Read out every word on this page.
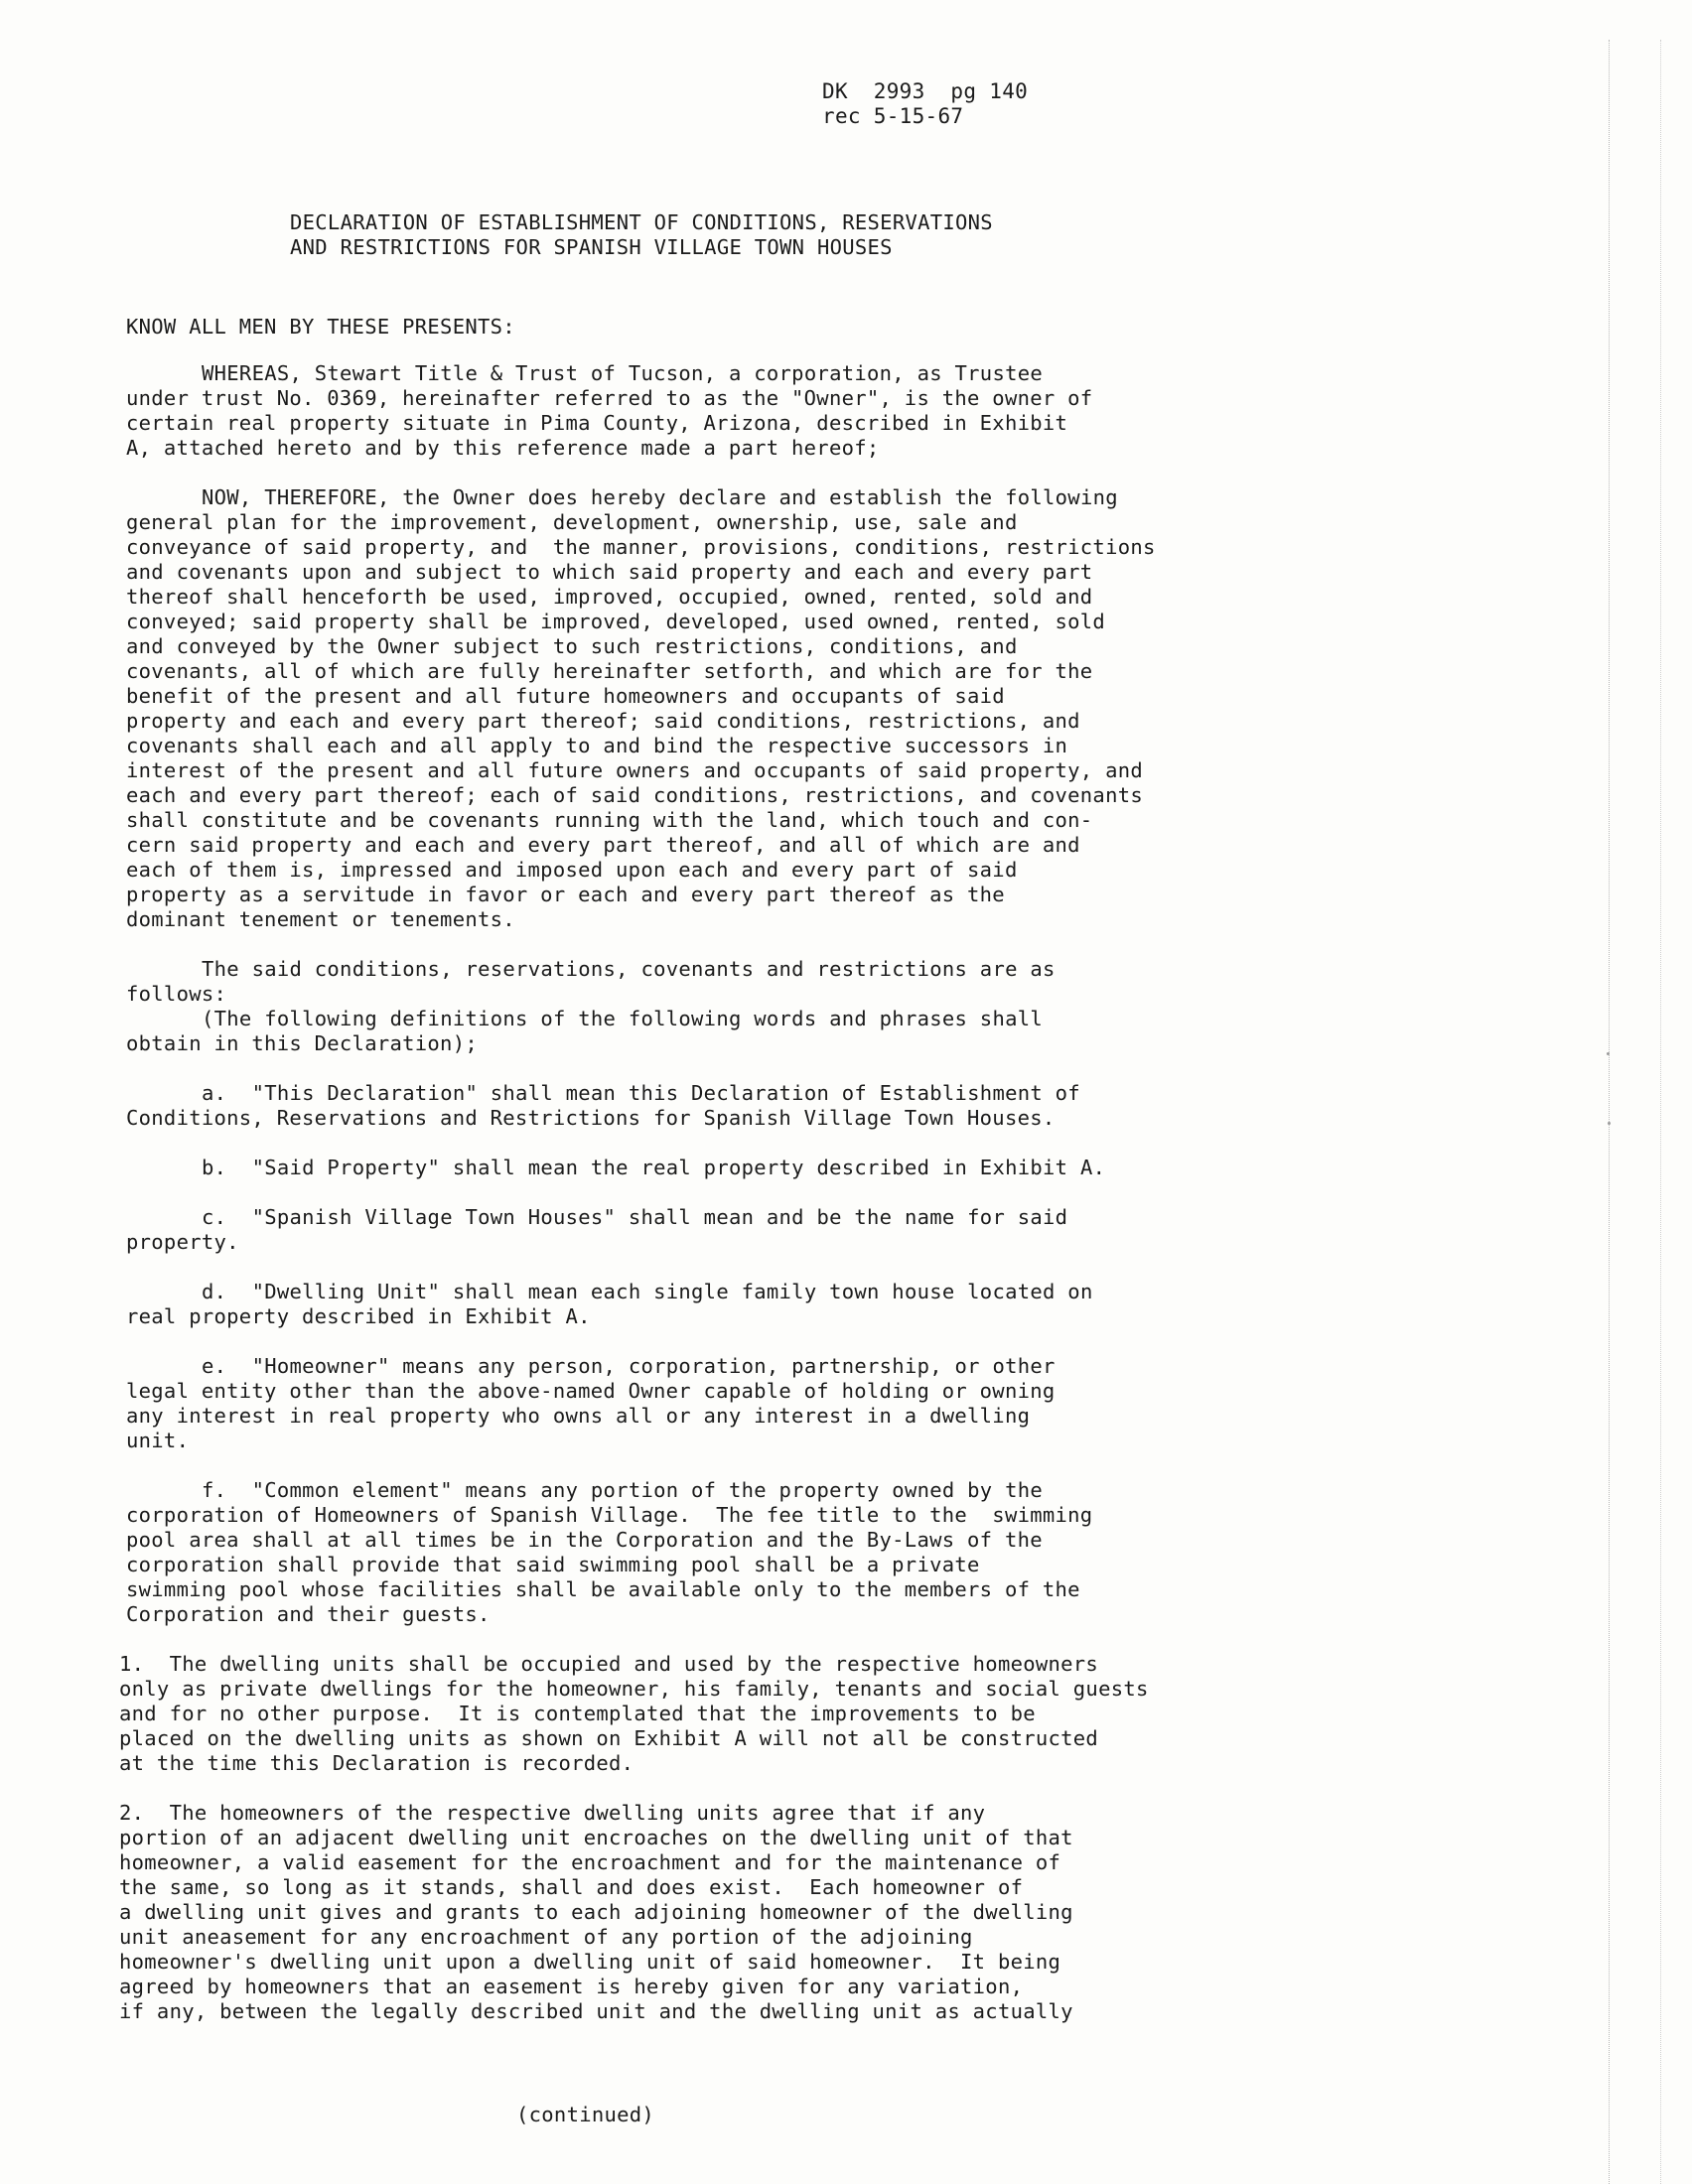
DK  2993  pg 140
rec 5-15-67
DECLARATION OF ESTABLISHMENT OF CONDITIONS, RESERVATIONS
AND RESTRICTIONS FOR SPANISH VILLAGE TOWN HOUSES
KNOW ALL MEN BY THESE PRESENTS:
WHEREAS, Stewart Title & Trust of Tucson, a corporation, as Trustee
under trust No. 0369, hereinafter referred to as the "Owner", is the owner of
certain real property situate in Pima County, Arizona, described in Exhibit
A, attached hereto and by this reference made a part hereof;
NOW, THEREFORE, the Owner does hereby declare and establish the following
general plan for the improvement, development, ownership, use, sale and
conveyance of said property, and  the manner, provisions, conditions, restrictions
and covenants upon and subject to which said property and each and every part
thereof shall henceforth be used, improved, occupied, owned, rented, sold and
conveyed; said property shall be improved, developed, used owned, rented, sold
and conveyed by the Owner subject to such restrictions, conditions, and
covenants, all of which are fully hereinafter setforth, and which are for the
benefit of the present and all future homeowners and occupants of said
property and each and every part thereof; said conditions, restrictions, and
covenants shall each and all apply to and bind the respective successors in
interest of the present and all future owners and occupants of said property, and
each and every part thereof; each of said conditions, restrictions, and covenants
shall constitute and be covenants running with the land, which touch and con-
cern said property and each and every part thereof, and all of which are and
each of them is, impressed and imposed upon each and every part of said
property as a servitude in favor or each and every part thereof as the
dominant tenement or tenements.
The said conditions, reservations, covenants and restrictions are as
follows:
(The following definitions of the following words and phrases shall
obtain in this Declaration);
a.  "This Declaration" shall mean this Declaration of Establishment of
Conditions, Reservations and Restrictions for Spanish Village Town Houses.
b.  "Said Property" shall mean the real property described in Exhibit A.
c.  "Spanish Village Town Houses" shall mean and be the name for said
property.
d.  "Dwelling Unit" shall mean each single family town house located on
real property described in Exhibit A.
e.  "Homeowner" means any person, corporation, partnership, or other
legal entity other than the above-named Owner capable of holding or owning
any interest in real property who owns all or any interest in a dwelling
unit.
f.  "Common element" means any portion of the property owned by the
corporation of Homeowners of Spanish Village.  The fee title to the  swimming
pool area shall at all times be in the Corporation and the By-Laws of the
corporation shall provide that said swimming pool shall be a private
swimming pool whose facilities shall be available only to the members of the
Corporation and their guests.
1.  The dwelling units shall be occupied and used by the respective homeowners
only as private dwellings for the homeowner, his family, tenants and social guests
and for no other purpose.  It is contemplated that the improvements to be
placed on the dwelling units as shown on Exhibit A will not all be constructed
at the time this Declaration is recorded.
2.  The homeowners of the respective dwelling units agree that if any
portion of an adjacent dwelling unit encroaches on the dwelling unit of that
homeowner, a valid easement for the encroachment and for the maintenance of
the same, so long as it stands, shall and does exist.  Each homeowner of
a dwelling unit gives and grants to each adjoining homeowner of the dwelling
unit aneasement for any encroachment of any portion of the adjoining
homeowner's dwelling unit upon a dwelling unit of said homeowner.  It being
agreed by homeowners that an easement is hereby given for any variation,
if any, between the legally described unit and the dwelling unit as actually
(continued)
